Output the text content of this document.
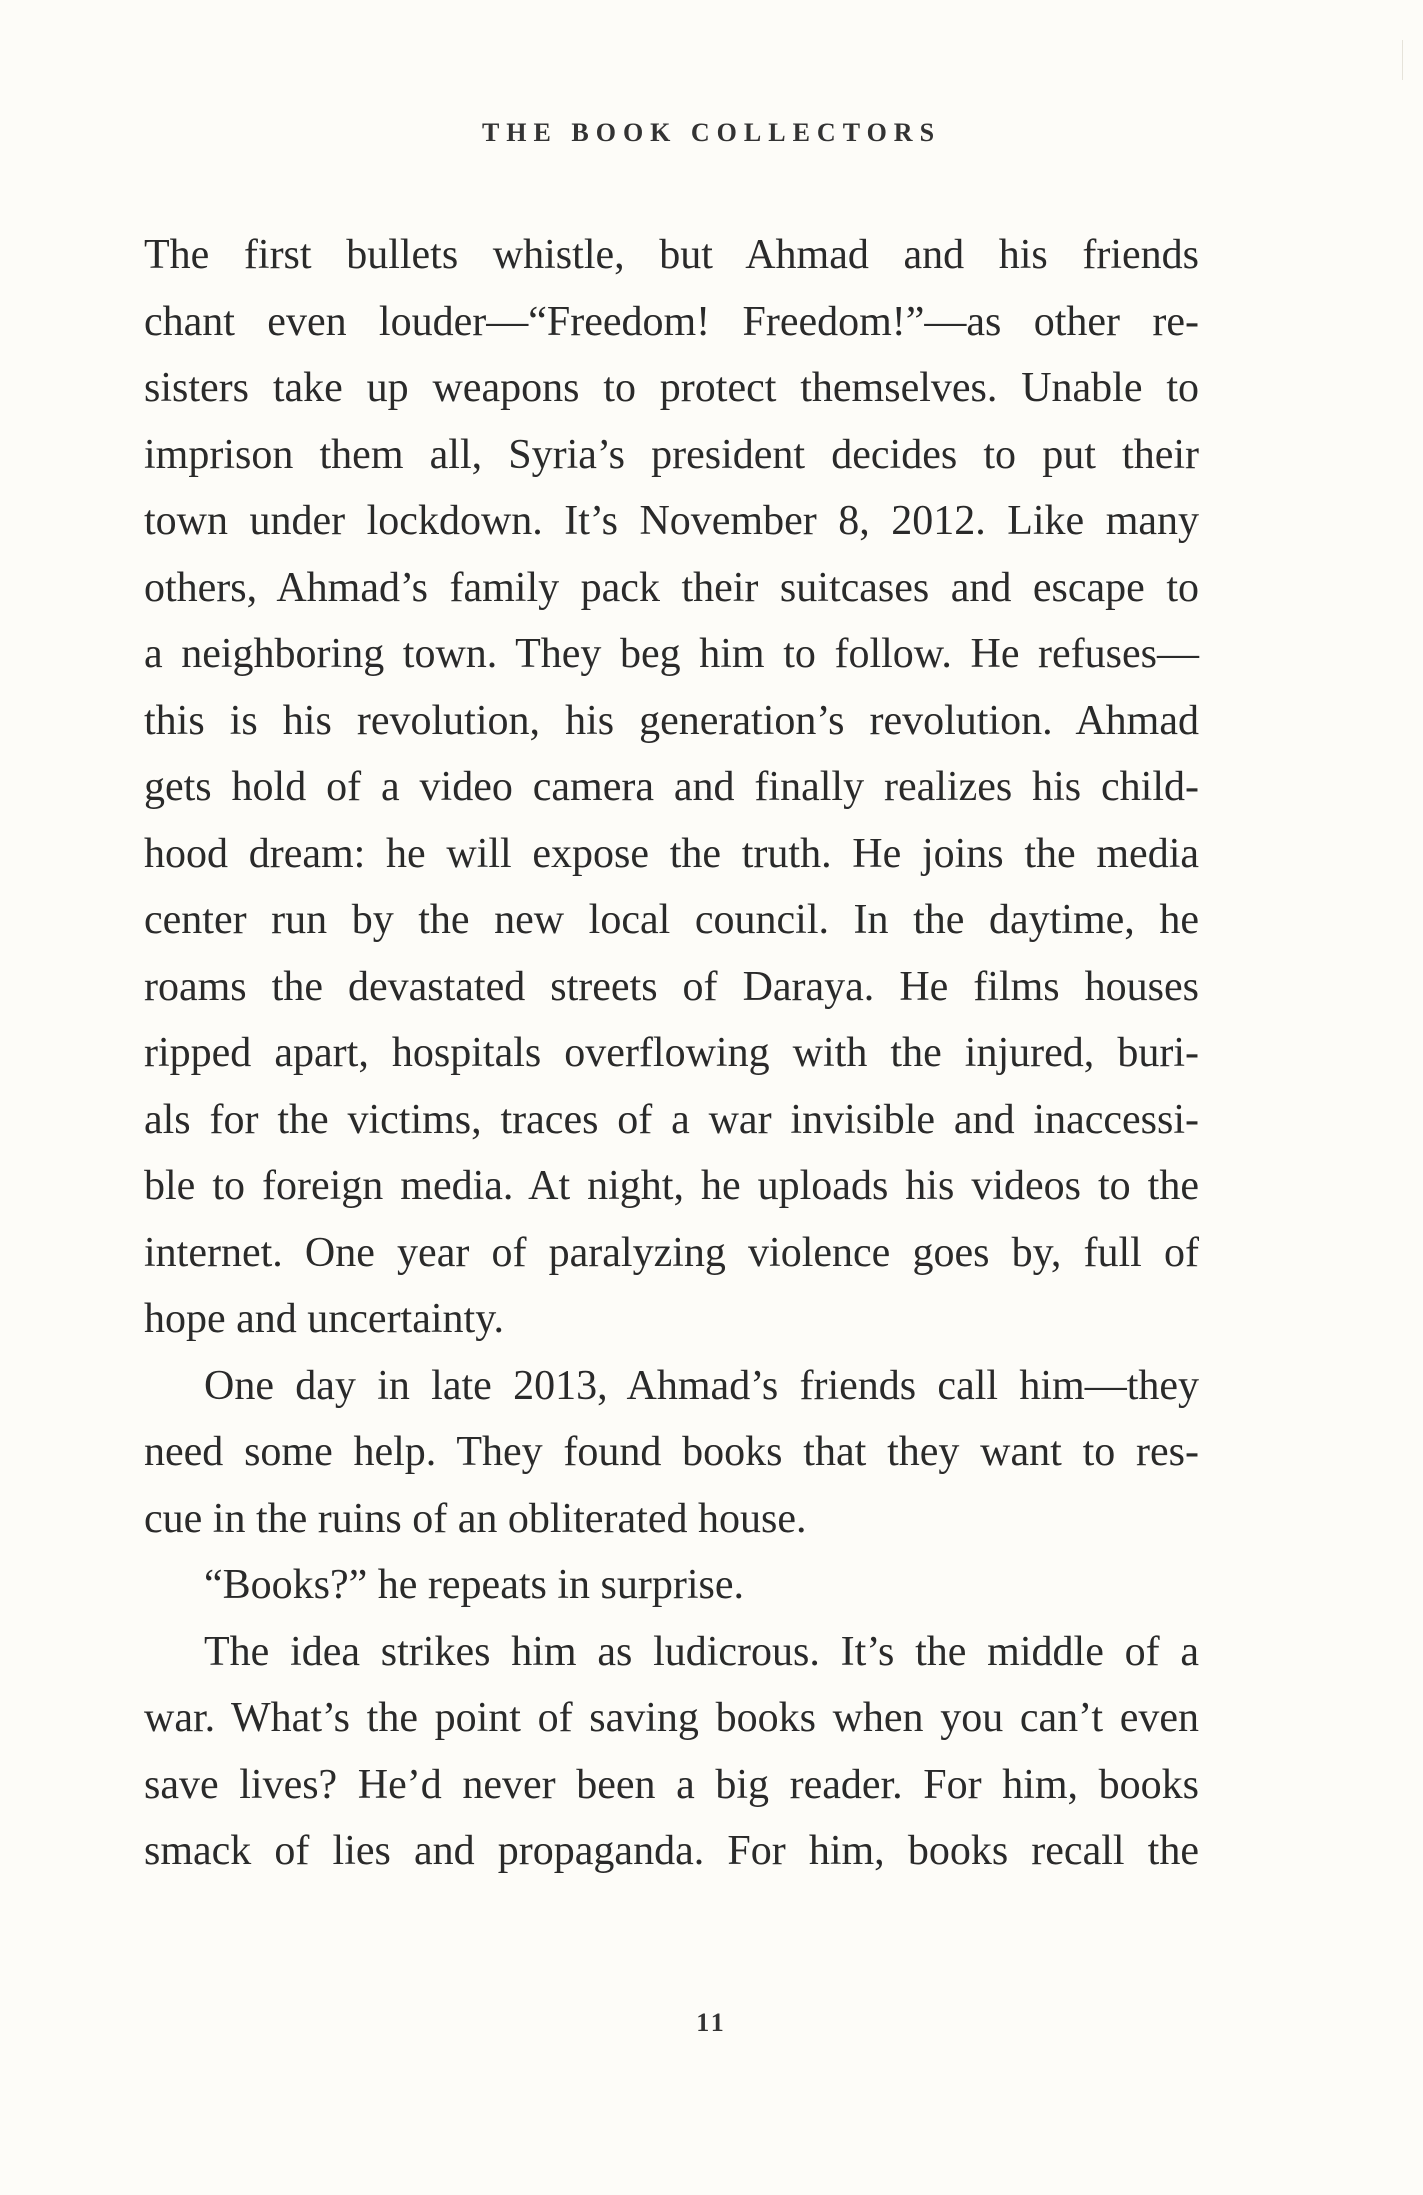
THE BOOK COLLECTORS
The first bullets whistle, but Ahmad and his friends
chant even louder—“Freedom! Freedom!”—as other re-
sisters take up weapons to protect themselves. Unable to
imprison them all, Syria’s president decides to put their
town under lockdown. It’s November 8, 2012. Like many
others, Ahmad’s family pack their suitcases and escape to
a neighboring town. They beg him to follow. He refuses—
this is his revolution, his generation’s revolution. Ahmad
gets hold of a video camera and finally realizes his child-
hood dream: he will expose the truth. He joins the media
center run by the new local council. In the daytime, he
roams the devastated streets of Daraya. He films houses
ripped apart, hospitals overflowing with the injured, buri-
als for the victims, traces of a war invisible and inaccessi-
ble to foreign media. At night, he uploads his videos to the
internet. One year of paralyzing violence goes by, full of
hope and uncertainty.
One day in late 2013, Ahmad’s friends call him—they
need some help. They found books that they want to res-
cue in the ruins of an obliterated house.
“Books?” he repeats in surprise.
The idea strikes him as ludicrous. It’s the middle of a
war. What’s the point of saving books when you can’t even
save lives? He’d never been a big reader. For him, books
smack of lies and propaganda. For him, books recall the
11
